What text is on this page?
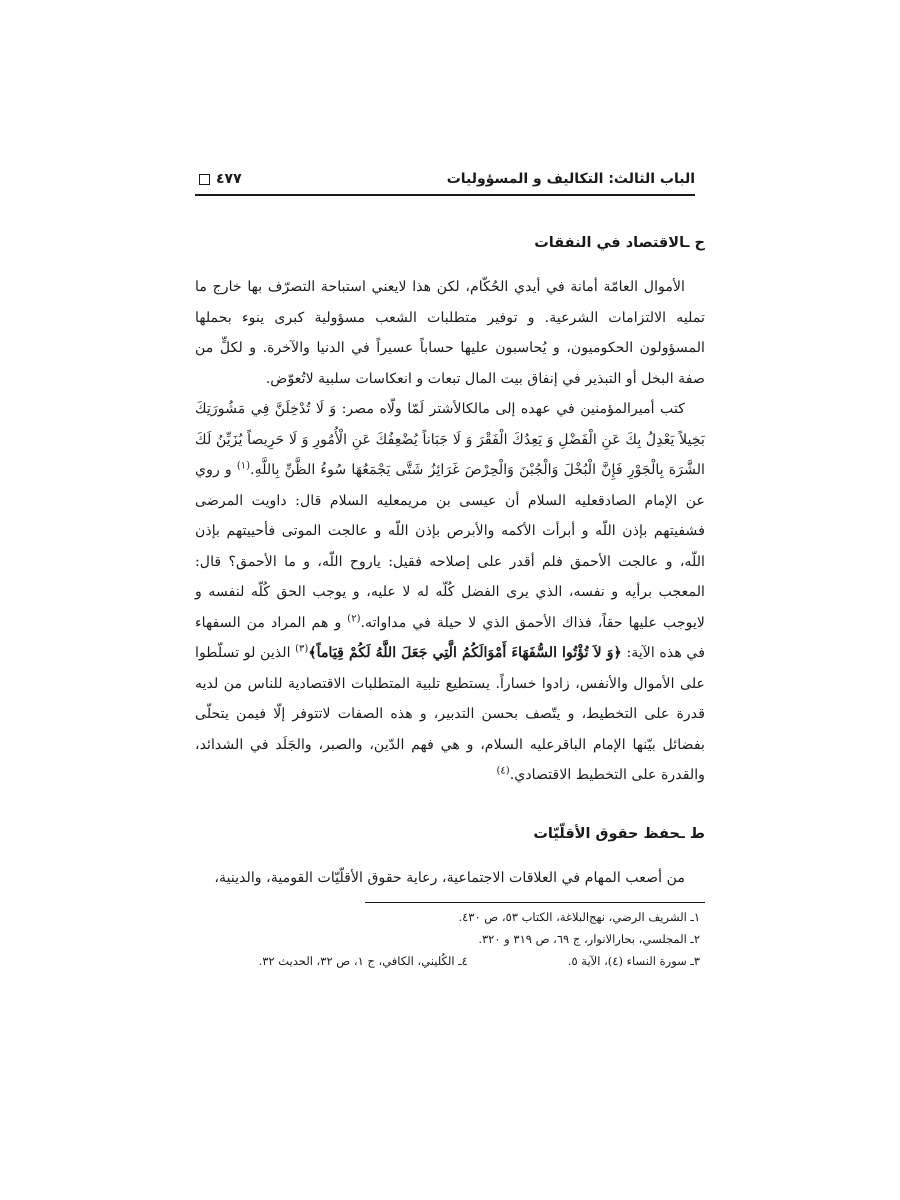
الباب الثالث: التكاليف و المسؤوليات
٤٧٧
ح ـالاقتصاد في النفقات

الأموال العامّة أمانة في أيدي الحُكّام، لكن هذا لايعني استباحة التصرّف بها خارج ما تمليه الالتزامات الشرعية. و توفير متطلبات الشعب مسؤولية كبرى ينوء بحملها المسؤولون الحكوميون، و يُحاسبون عليها حساباً عسيراً في الدنيا والآخرة. و لكلٍّ من صفة البخل أو التبذير في إنفاق بيت المال تبعات و انعكاسات سلبية لاتُعوّض.

كتب أميرالمؤمنين في عهده إلى مالكالأشتر لَمّا ولّاه مصر: وَ لَا تُدْخِلَنَّ فِي مَشُورَتِكَ بَخِيلاً يَعْدِلُ بِكَ عَنِ الْفَضْلِ وَ يَعِدُكَ الْفَقْرَ وَ لَا جَبَاناً يُضْعِفُكَ عَنِ الْأُمُورِ وَ لَا حَرِيصاً يُزَيِّنُ لَكَ الشَّرَهَ بِالْجَوْرِ فَإِنَّ الْبُخْلَ وَالْجُبْنَ وَالْحِرْصَ غَرَائِزُ شَتَّى يَجْمَعُهَا سُوءُ الظَّنِّ بِاللَّهِ.$^{(١)}$ و روي عن الإمام الصادقعليه السلام أن عيسى بن مريمعليه السلام قال: داويت المرضى فشفيتهم بإذن اللّه و أبرأت الأكمه والأبرص بإذن اللّه و عالجت الموتى فأحييتهم بإذن اللّه، و عالجت الأحمق فلم أقدر على إصلاحه فقيل: ياروح اللّه، و ما الأحمق؟ قال: المعجب برأيه و نفسه، الذي يرى الفضل كُلّه له لا عليه، و يوجب الحق كُلّه لنفسه و لايوجب عليها حقاً، فذاك الأحمق الذي لا حيلة في مداواته.$^{(٢)}$ و هم المراد من السفهاء في هذه الآية: ﴿وَ لاَ تُؤْتُوا السُّفَهَاءَ أَمْوَالَكُمُ الَّتِي جَعَلَ اللَّهُ لَكُمْ قِيَاماً﴾$^{(٣)}$ الذين لو تسلّطوا على الأموال والأنفس، زادوا خساراً. يستطيع تلبية المتطلبات الاقتصادية للناس من لديه قدرة على التخطيط، و يتّصف بحسن التدبير، و هذه الصفات لاتتوفر إلّا فيمن يتحلّى بفضائل بيّنها الإمام الباقرعليه السلام، و هي فهم الدّين، والصبر، والجَلَد في الشدائد، والقدرة على التخطيط الاقتصادي.$^{(٤)}$

ط ـحفظ حقوق الأقلّيّات

من أصعب المهام في العلاقات الاجتماعية، رعاية حقوق الأقلّيّات القومية، والدينية،

١ـ الشريف الرضي، نهج‌البلاغة، الكتاب ٥٣، ص ٤٣٠.
٢ـ المجلسي، بحارالانوار، ج ٦٩، ص ٣١٩ و ٣٢٠.
٣ـ سورة النساء (٤)، الآية ٥.
٤ـ الكُليني، الكافي، ج ١، ص ٣٢، الحديث ٣٢.
